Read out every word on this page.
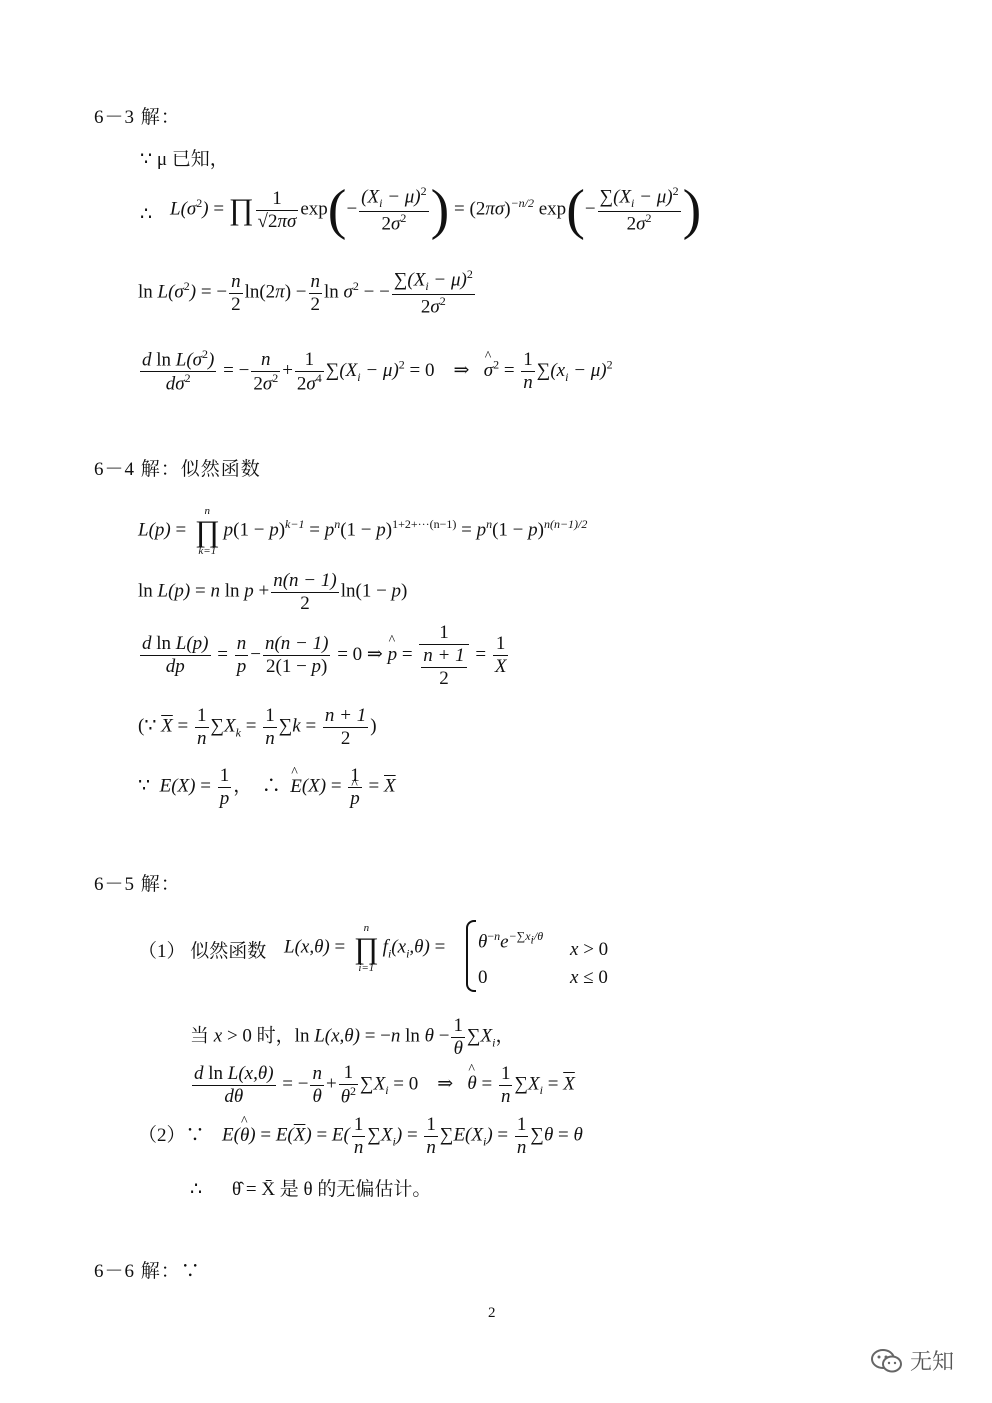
6－3 解：
∵ μ 已知，
∴ $L(\sigma^2)$ = ∏ $\frac{1}{√2\pi\sigma} \exp(- \frac{(X_i - \mu)^2}{2\sigma^2}$ ) = $(2\pi\sigma)^{-n/2}$ $\exp(- \frac{\sum(X_i - \mu)^2}{2\sigma^2}$ )
$\ln L(\sigma^2)$ = − $\frac{n}{2} \ln(2\pi) - \frac{n}{2}$ $\ln \sigma^2$ − − $\frac{\sum(X_i - \mu)^2}{2\sigma^2}$
$\frac{d \ln L(\sigma^2)}{d\sigma^2}$ = − $\frac{n}{2\sigma^2} + \frac{1}{2\sigma^4} \sum(X_i - \mu)^2 = 0$    ⇒   ^ $\sigma^2 = \frac{1}{n} \sum(x_i - \mu)^2$
6－4 解：似然函数
L(p) =
n
∏
k=1
$p(1 - p)^{k-1} = p^n(1 - p)^{1+2+\cdot\cdot\cdot(n-1)} = p^n(1 - p)^{n(n-1)/2}$
ln L(p) = n $\ln p + \frac{n(n - 1)}{2} \ln(1 - p)$
$\frac{\text{d ln L(p)}}{dp} = \frac{n}{p} - \frac{n(n - 1)}{2(1 - p)} = 0$ ⇒ ^ $p = \frac{1}{\frac{n + 1}{2}} = \frac{1}{X}$
(∵ $\overline{X} = \frac{1}{n} \sum X_k = \frac{1}{n} \sum k = \frac{n + 1}{2}$ )
∵  $E(X) = \frac{1}{p}$ ，  ∴  ^ E(X) = 1
^ $p = \overline{X}$
6－5 解：
（1） 似然函数 L(x,θ) =
n
∏
i=1
$f_i(x_i,\theta) = \theta^{-n}e^{-\sum x_i/\theta}$
x > 0
0	x ≤ 0
当 x > 0 时，ln L(x,θ) = −n $\ln \theta - \frac{1}{\theta} \sum X_i$，
$\frac{\text{d ln L(x,θ)}}{d\theta}$ = − $\frac{n}{\theta} + \frac{1}{\theta^2} \sum X_i = 0$    ⇒   ^ $\theta = \frac{1}{n} \sum X_i = \overline{X}$
（2）∵ E(^ $\theta) = E(\overline{X}) = E( \frac{1}{n} \sum X_i) = \frac{1}{n} \sum E(X_i) = \frac{1}{n} \sum\theta = \theta$
∴ θ̂ = X̄ 是 θ 的无偏估计。
6－6 解：∵
2
无知
